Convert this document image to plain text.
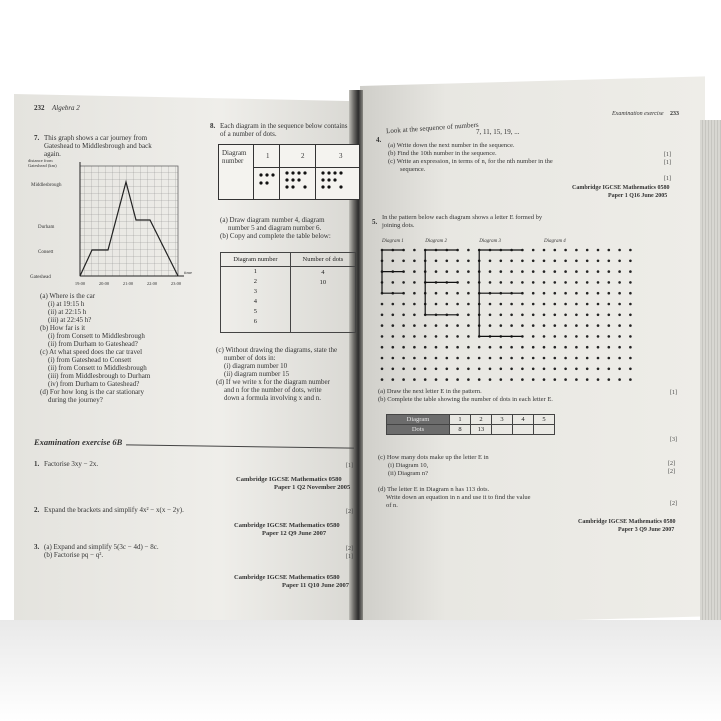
232 Algebra 2
7. This graph shows a car journey from
Gateshead to Middlesbrough and back
again.
distance from
Gateshead (km)
Middlesbrough
Durham
Consett
Gateshead
19:00	20:00	21:00	22:00	23:00
time
(a) Where is the car
(i) at 19:15 h
(ii) at 22:15 h
(iii) at 22:45 h?
(b) How far is it
(i) from Consett to Middlesbrough
(ii) from Durham to Gateshead?
(c) At what speed does the car travel
(i) from Gateshead to Consett
(ii) from Consett to Middlesbrough
(iii) from Middlesbrough to Durham
(iv) from Durham to Gateshead?
(d) For how long is the car stationary
during the journey?
8. Each diagram in the sequence below contains
of a number of dots.
Diagram number
1	2	3
(a) Draw diagram number 4, diagram
number 5 and diagram number 6.
(b) Copy and complete the table below:
Diagram number	Number of dots
1	4
2	10
3	
4	
5	
6	
(c) Without drawing the diagrams, state the
number of dots in:
(i) diagram number 10
(ii) diagram number 15
(d) If we write x for the diagram number
and n for the number of dots, write
down a formula involving x and n.
Examination exercise 6B
1. Factorise 3xy − 2x.	[1]
Cambridge IGCSE Mathematics 0580
Paper 1 Q2 November 2005
2. Expand the brackets and simplify 4x² − x(x − 2y).	[2]
Cambridge IGCSE Mathematics 0580
Paper 12 Q9 June 2007
3. (a) Expand and simplify 5(3c − 4d) − 8c.
(b) Factorise pq − q².
[2]
[1]
Cambridge IGCSE Mathematics 0580
Paper 11 Q10 June 2007
Examination exercise 233
4.
Look at the sequence of numbers
7, 11, 15, 19, ...
(a) Write down the next number in the sequence.
(b) Find the 10th number in the sequence.
(c) Write an expression, in terms of n, for the nth number in the
sequence.
[1]
[1]
[1]
Cambridge IGCSE Mathematics 0580
Paper 1 Q16 June 2005
5.
In the pattern below each diagram shows a letter E formed by
joining dots.
Diagram 1	Diagram 2	Diagram 3	Diagram 4
(a) Draw the next letter E in the pattern.
(b) Complete the table showing the number of dots in each letter E.
[1]
Diagram	1	2	3	4	5
Dots	8	13			
[3]
(c) How many dots make up the letter E in
(i) Diagram 10,
(ii) Diagram n?
(d) The letter E in Diagram n has 113 dots.
Write down an equation in n and use it to find the value
of n.
[2]
[2]
[2]
Cambridge IGCSE Mathematics 0580
Paper 3 Q9 June 2007
